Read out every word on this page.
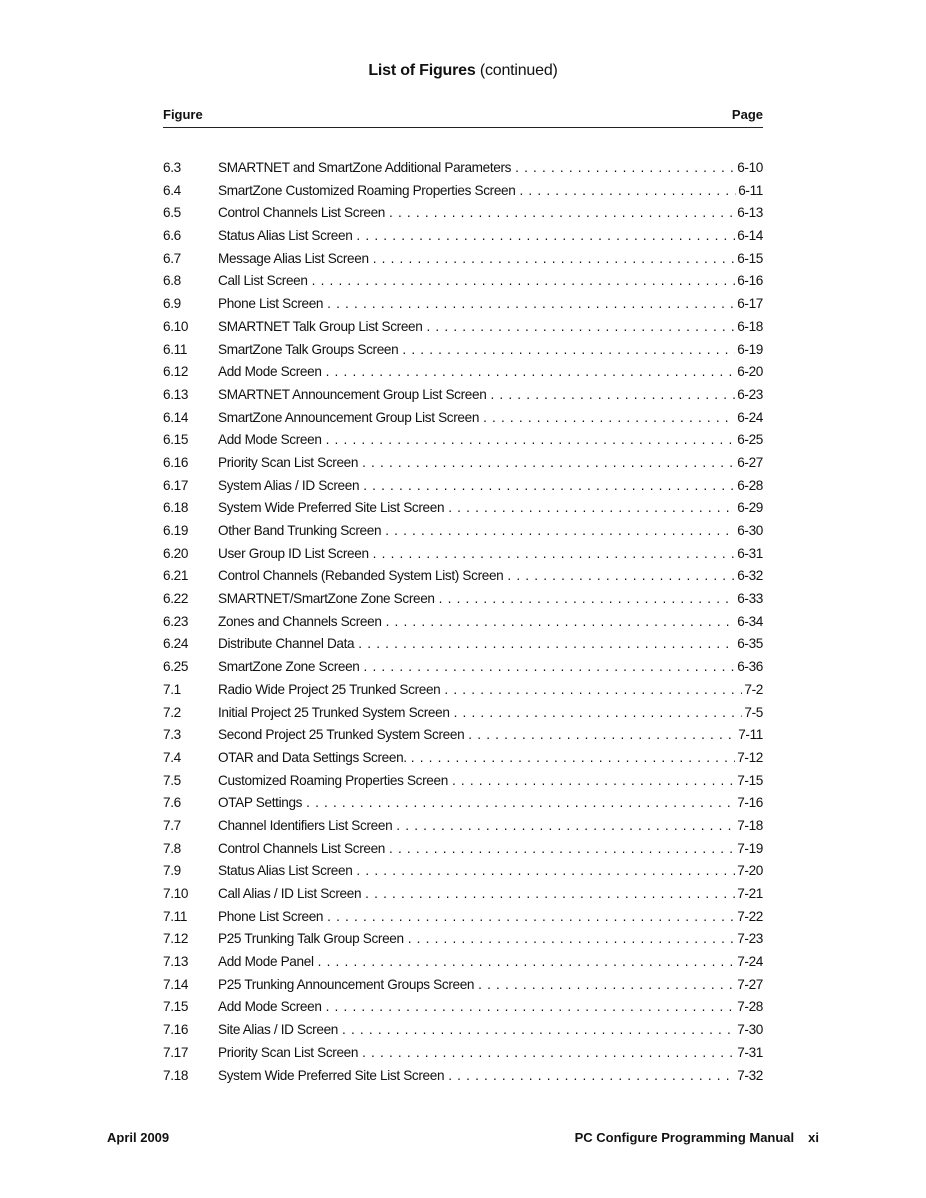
List of Figures (continued)
Figure	Page
6.3	SMARTNET and SmartZone Additional Parameters . . .	6-10
6.4	SmartZone Customized Roaming Properties Screen . . .	6-11
6.5	Control Channels List Screen . . .	6-13
6.6	Status Alias List Screen . . .	6-14
6.7	Message Alias List Screen . . .	6-15
6.8	Call List Screen . . .	6-16
6.9	Phone List Screen . . .	6-17
6.10 SMARTNET Talk Group List Screen . . .	6-18
6.11 SmartZone Talk Groups Screen . . .	6-19
6.12 Add Mode Screen . . .	6-20
6.13 SMARTNET Announcement Group List Screen . . .	6-23
6.14 SmartZone Announcement Group List Screen . . .	6-24
6.15 Add Mode Screen . . .	6-25
6.16 Priority Scan List Screen . . .	6-27
6.17 System Alias / ID Screen . . .	6-28
6.18 System Wide Preferred Site List Screen . . .	6-29
6.19 Other Band Trunking Screen . . .	6-30
6.20 User Group ID List Screen . . .	6-31
6.21 Control Channels (Rebanded System List) Screen . . .	6-32
6.22 SMARTNET/SmartZone Zone Screen . . .	6-33
6.23 Zones and Channels Screen . . .	6-34
6.24 Distribute Channel Data . . .	6-35
6.25 SmartZone Zone Screen . . .	6-36
7.1	Radio Wide Project 25 Trunked Screen . . .	7-2
7.2	Initial Project 25 Trunked System Screen . . .	7-5
7.3	Second Project 25 Trunked System Screen . . .	7-11
7.4	OTAR and Data Settings Screen. . . .	7-12
7.5	Customized Roaming Properties Screen . . .	7-15
7.6	OTAP Settings . . .	7-16
7.7	Channel Identifiers List Screen . . .	7-18
7.8	Control Channels List Screen . . .	7-19
7.9	Status Alias List Screen . . .	7-20
7.10 Call Alias / ID List Screen . . .	7-21
7.11 Phone List Screen . . .	7-22
7.12 P25 Trunking Talk Group Screen . . .	7-23
7.13 Add Mode Panel . . .	7-24
7.14 P25 Trunking Announcement Groups Screen . . .	7-27
7.15 Add Mode Screen . . .	7-28
7.16 Site Alias / ID Screen . . .	7-30
7.17 Priority Scan List Screen . . .	7-31
7.18 System Wide Preferred Site List Screen . . .	7-32
April 2009	PC Configure Programming Manual xi
